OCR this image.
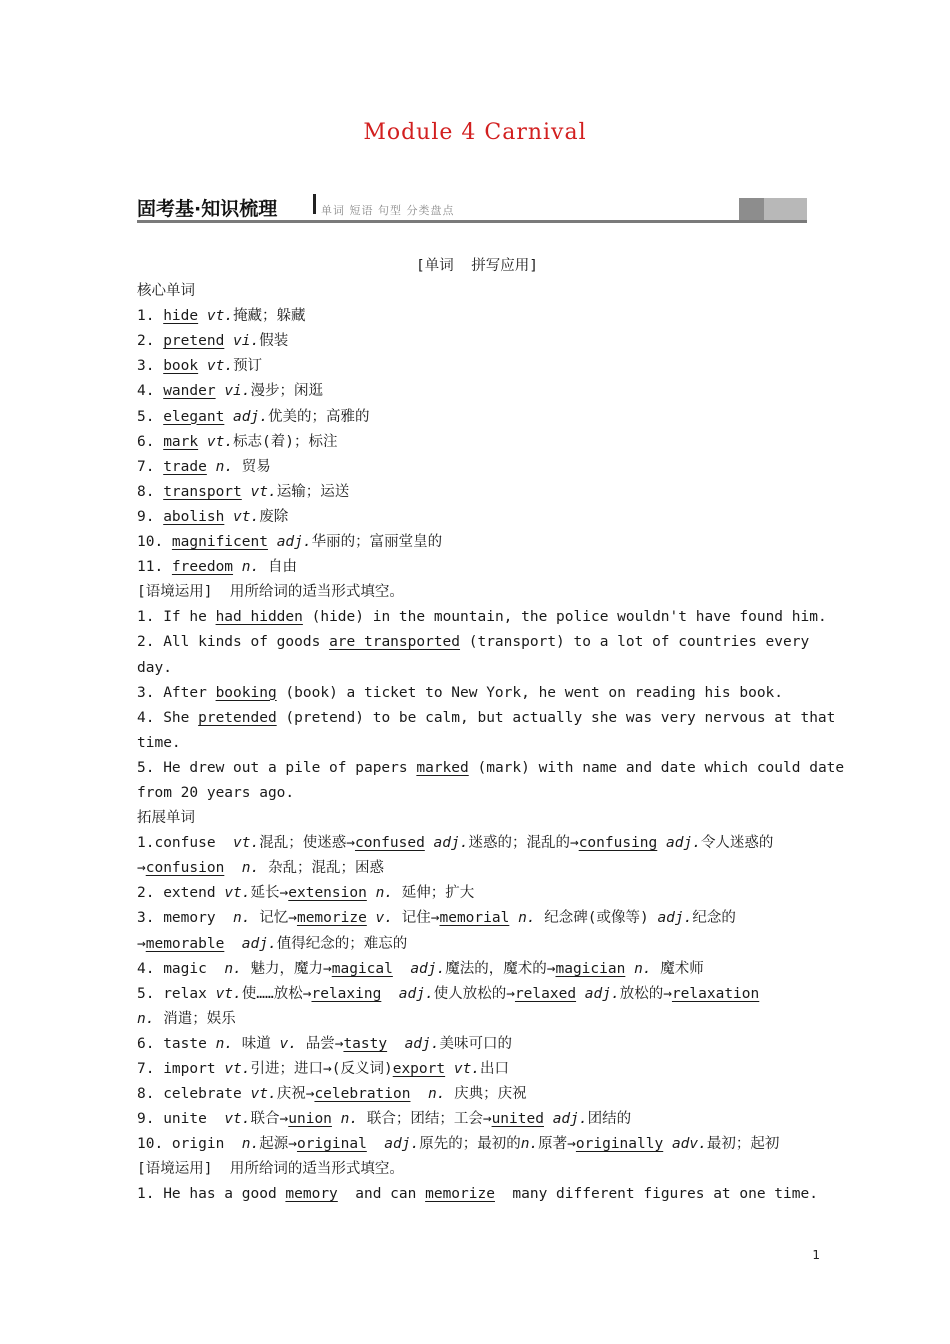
Module 4 Carnival
固考基·知识梳理	单词 短语 句型 分类盘点
[单词  拼写应用]
核心单词
1. hide vt.掩藏；躲藏
2. pretend vi.假装
3. book vt.预订
4. wander vi.漫步；闲逛
5. elegant adj.优美的；高雅的
6. mark vt.标志(着)；标注
7. trade n. 贸易
8. transport vt.运输；运送
9. abolish vt.废除
10. magnificent adj.华丽的；富丽堂皇的
11. freedom n. 自由
[语境运用]  用所给词的适当形式填空。
1. If he had hidden (hide) in the mountain, the police wouldn't have found him.
2. All kinds of goods are transported (transport) to a lot of countries every
day.
3. After booking (book) a ticket to New York, he went on reading his book.
4. She pretended (pretend) to be calm, but actually she was very nervous at that
time.
5. He drew out a pile of papers marked (mark) with name and date which could date
from 20 years ago.
拓展单词
1.confuse  vt.混乱；使迷惑→confused adj.迷惑的；混乱的→confusing adj.令人迷惑的
→confusion n. 杂乱；混乱；困惑
2. extend vt.延长→extension n. 延伸；扩大
3. memory  n. 记忆→memorize v. 记住→memorial n. 纪念碑(或像等) adj.纪念的
→memorable adj.值得纪念的；难忘的
4. magic  n. 魅力，魔力→magical adj.魔法的，魔术的→magician n. 魔术师
5. relax vt.使……放松→relaxing adj.使人放松的→relaxed adj.放松的→relaxation
n. 消遣；娱乐
6. taste n. 味道 v. 品尝→tasty adj.美味可口的
7. import vt.引进；进口→(反义词)export vt.出口
8. celebrate vt.庆祝→celebration n. 庆典；庆祝
9. unite  vt.联合→union n. 联合；团结；工会→united adj.团结的
10. origin  n.起源→original adj.原先的；最初的n.原著→originally adv.最初；起初
[语境运用]  用所给词的适当形式填空。
1. He has a good memory  and can memorize  many different figures at one time.
1
